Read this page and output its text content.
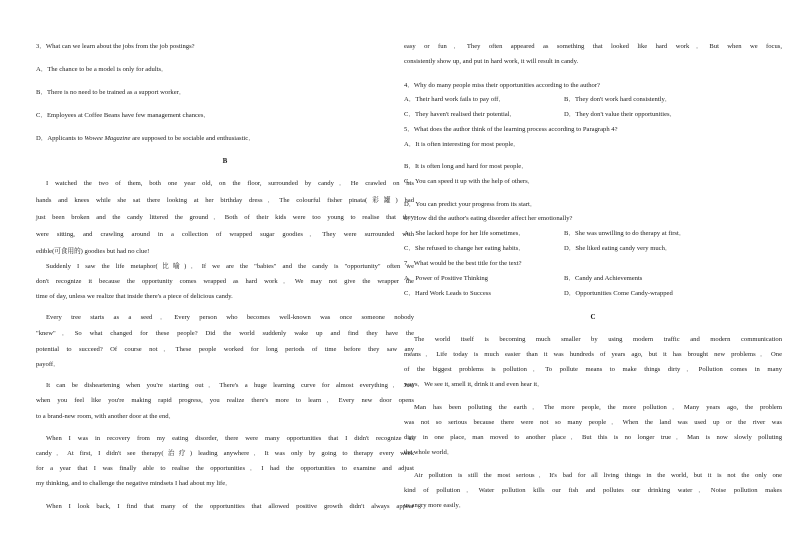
3．What can we learn about the jobs from the job postings?
A．The chance to be a model is only for adults．
B．There is no need to be trained as a support worker．
C．Employees at Coffee Beans have few management chances．
D．Applicants to Wowee Magazine are supposed to be sociable and enthusiastic．
B
I watched the two of them, both one year old, on the floor, surrounded by candy．He crawled on his
hands and knees while she sat there looking at her birthday dress．The colourful fisher pinata(彩罐) had
just been broken and the candy littered the ground．Both of their kids were too young to realise that they
were sitting, and crawling around in a collection of wrapped sugar goodies．They were surrounded with
edible(可食用的) goodies but had no clue!
Suddenly I saw the life metaphor(比喻)．If we are the "babies" and the candy is "opportunity" often we
don't recognize it because the opportunity comes wrapped as hard work．We may not give the wrapper the
time of day, unless we realize that inside there's a piece of delicious candy.
Every tree starts as a seed．Every person who becomes well-known was once someone nobody
"knew"．So what changed for these people? Did the world suddenly wake up and find they have the
potential to succeed? Of course not．These people worked for long periods of time before they saw any
payoff．
It can be disheartening when you're starting out．There's a huge learning curve for almost everything．Just
when you feel like you're making rapid progress, you realize there's more to learn．Every new door opens
to a brand-new room, with another door at the end．
When I was in recovery from my eating disorder, there were many opportunities that I didn't recognize as
candy．At first, I didn't see therapy(治疗) leading anywhere．It was only by going to therapy every week
for a year that I was finally able to realise the opportunities．I had the opportunities to examine and adjust
my thinking, and to challenge the negative mindsets I had about my life．
When I look back, I find that many of the opportunities that allowed positive growth didn't always appear
easy or fun．They often appeared as something that looked like hard work．But when we focus,
consistently show up, and put in hard work, it will result in candy.
4．Why do many people miss their opportunities according to the author?
A．Their hard work fails to pay off．	B．They don't work hard consistently．
C．They haven't realised their potential．	D．They don't value their opportunities．
5．What does the author think of the learning process according to Paragraph 4?
A．It is often interesting for most people．
B．It is often long and hard for most people．
C．You can speed it up with the help of others．
D．You can predict your progress from its start．
6．How did the author's eating disorder affect her emotionally?
A．She lacked hope for her life sometimes．	B．She was unwilling to do therapy at first．
C．She refused to change her eating habits．	D．She liked eating candy very much．
7．What would be the best title for the text?
A．Power of Positive Thinking	B．Candy and Achievements
C．Hard Work Leads to Success	D．Opportunities Come Candy-wrapped
C
The world itself is becoming much smaller by using modern traffic and modern communication
means．Life today is much easier than it was hundreds of years ago, but it has brought new problems．One
of the biggest problems is pollution．To pollute means to make things dirty．Pollution comes in many
ways．We see it, smell it, drink it and even hear it．
Man has been polluting the earth．The more people, the more pollution．Many years ago, the problem
was not so serious because there were not so many people．When the land was used up or the river was
dirty in one place, man moved to another place．But this is no longer true．Man is now slowly polluting
the whole world．
Air pollution is still the most serious．It's bad for all living things in the world, but it is not the only one
kind of pollution．Water pollution kills our fish and pollutes our drinking water．Noise pollution makes
us angry more easily．
